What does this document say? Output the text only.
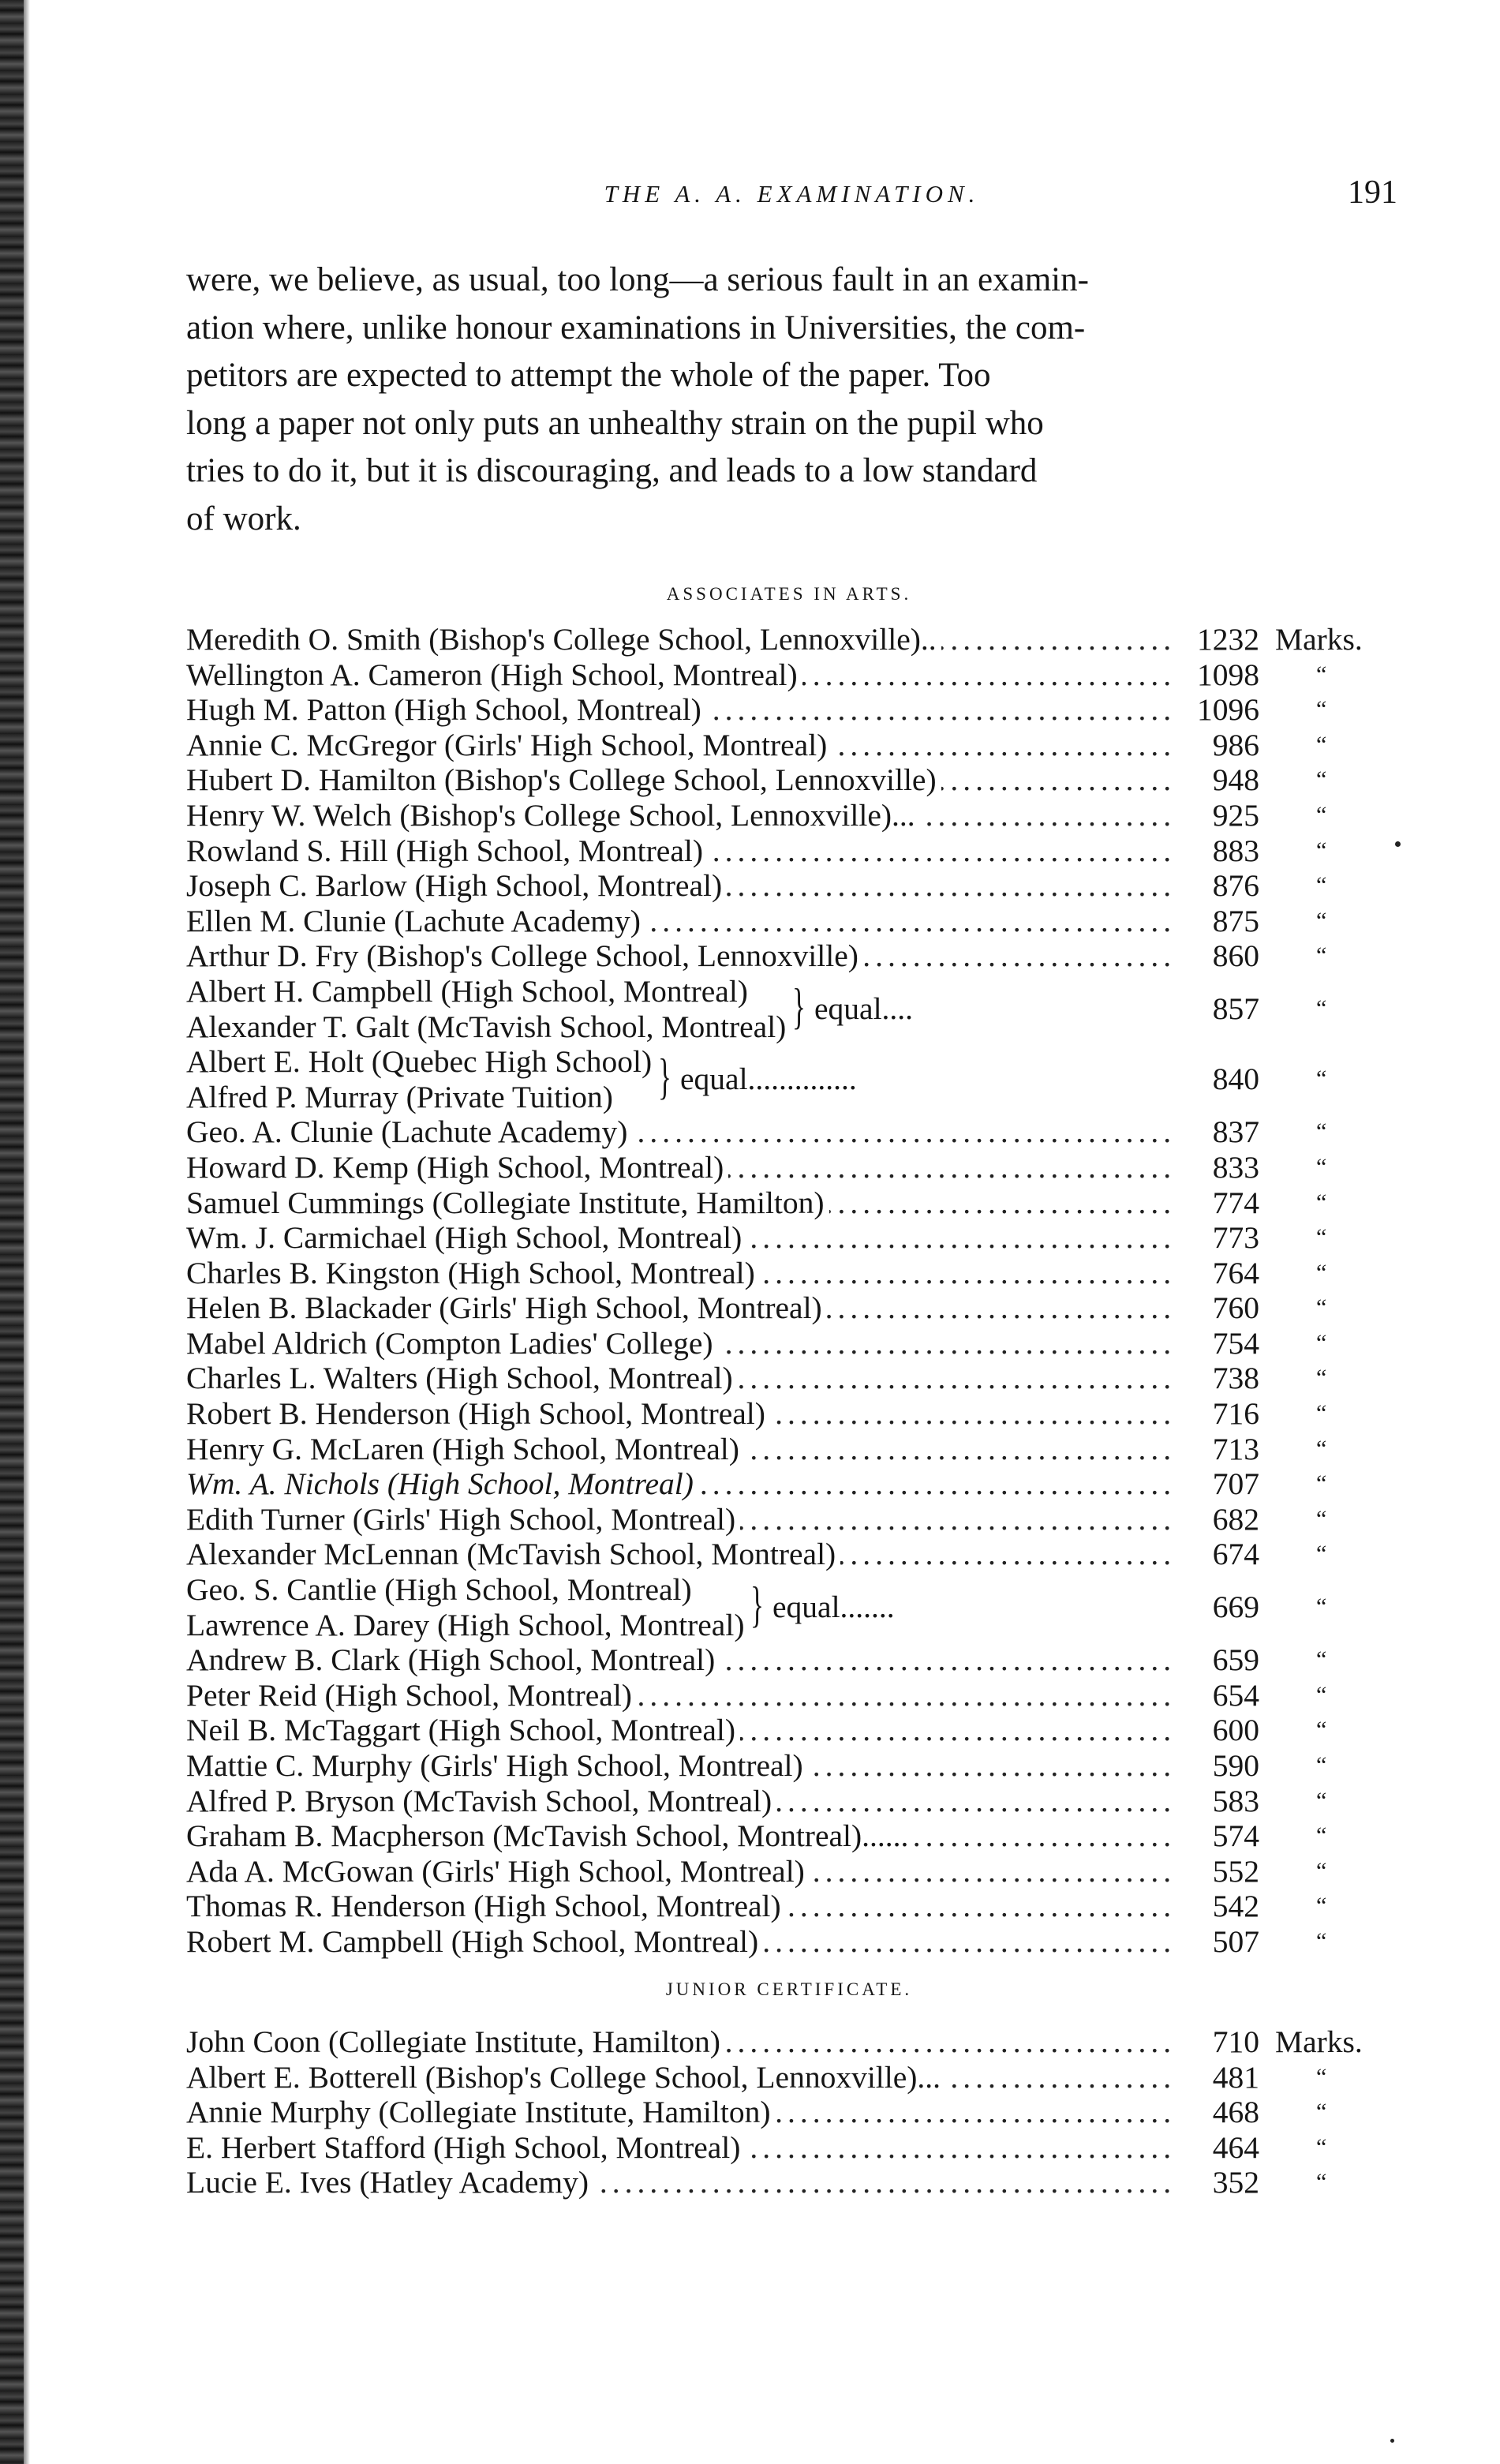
THE A. A. EXAMINATION.	191
were, we believe, as usual, too long—a serious fault in an examin-
ation where, unlike honour examinations in Universities, the com-
petitors are expected to attempt the whole of the paper. Too
long a paper not only puts an unhealthy strain on the pupil who
tries to do it, but it is discouraging, and leads to a low standard
of work.
ASSOCIATES IN ARTS.
Meredith O. Smith (Bishop's College School, Lennoxville).. .....	1232 Marks.
Wellington A. Cameron (High School, Montreal) .....	1098 “
Hugh M. Patton (High School, Montreal) .....	1096 “
Annie C. McGregor (Girls' High School, Montreal) .....	986 “
Hubert D. Hamilton (Bishop's College School, Lennoxville) .....	948 “
Henry W. Welch (Bishop's College School, Lennoxville)... .....	925 “
Rowland S. Hill (High School, Montreal) .....	883 “
Joseph C. Barlow (High School, Montreal) .....	876 “
Ellen M. Clunie (Lachute Academy) .....	875 “
Arthur D. Fry (Bishop's College School, Lennoxville) .....	860 “
Albert H. Campbell (High School, Montreal)
Alexander T. Galt (McTavish School, Montreal) } equal....	857 “
Albert E. Holt (Quebec High School)
Alfred P. Murray (Private Tuition) } equal..............	840 “
Geo. A. Clunie (Lachute Academy) .....	837 “
Howard D. Kemp (High School, Montreal) .....	833 “
Samuel Cummings (Collegiate Institute, Hamilton) .....	774 “
Wm. J. Carmichael (High School, Montreal) .....	773 “
Charles B. Kingston (High School, Montreal) .....	764 “
Helen B. Blackader (Girls' High School, Montreal) .....	760 “
Mabel Aldrich (Compton Ladies' College) .....	754 “
Charles L. Walters (High School, Montreal) .....	738 “
Robert B. Henderson (High School, Montreal) .....	716 “
Henry G. McLaren (High School, Montreal) .....	713 “
Wm. A. Nichols (High School, Montreal) .....	707 “
Edith Turner (Girls' High School, Montreal) .....	682 “
Alexander McLennan (McTavish School, Montreal) .....	674 “
Geo. S. Cantlie (High School, Montreal)
Lawrence A. Darey (High School, Montreal) } equal.......	669 “
Andrew B. Clark (High School, Montreal) .....	659 “
Peter Reid (High School, Montreal) .....	654 “
Neil B. McTaggart (High School, Montreal) .....	600 “
Mattie C. Murphy (Girls' High School, Montreal) .....	590 “
Alfred P. Bryson (McTavish School, Montreal) .....	583 “
Graham B. Macpherson (McTavish School, Montreal)...... .....	574 “
Ada A. McGowan (Girls' High School, Montreal) .....	552 “
Thomas R. Henderson (High School, Montreal) .....	542 “
Robert M. Campbell (High School, Montreal) .....	507 “
JUNIOR CERTIFICATE.
John Coon (Collegiate Institute, Hamilton) .....	710 Marks.
Albert E. Botterell (Bishop's College School, Lennoxville)... .....	481 “
Annie Murphy (Collegiate Institute, Hamilton) .....	468 “
E. Herbert Stafford (High School, Montreal) .....	464 “
Lucie E. Ives (Hatley Academy) .....	352 “
